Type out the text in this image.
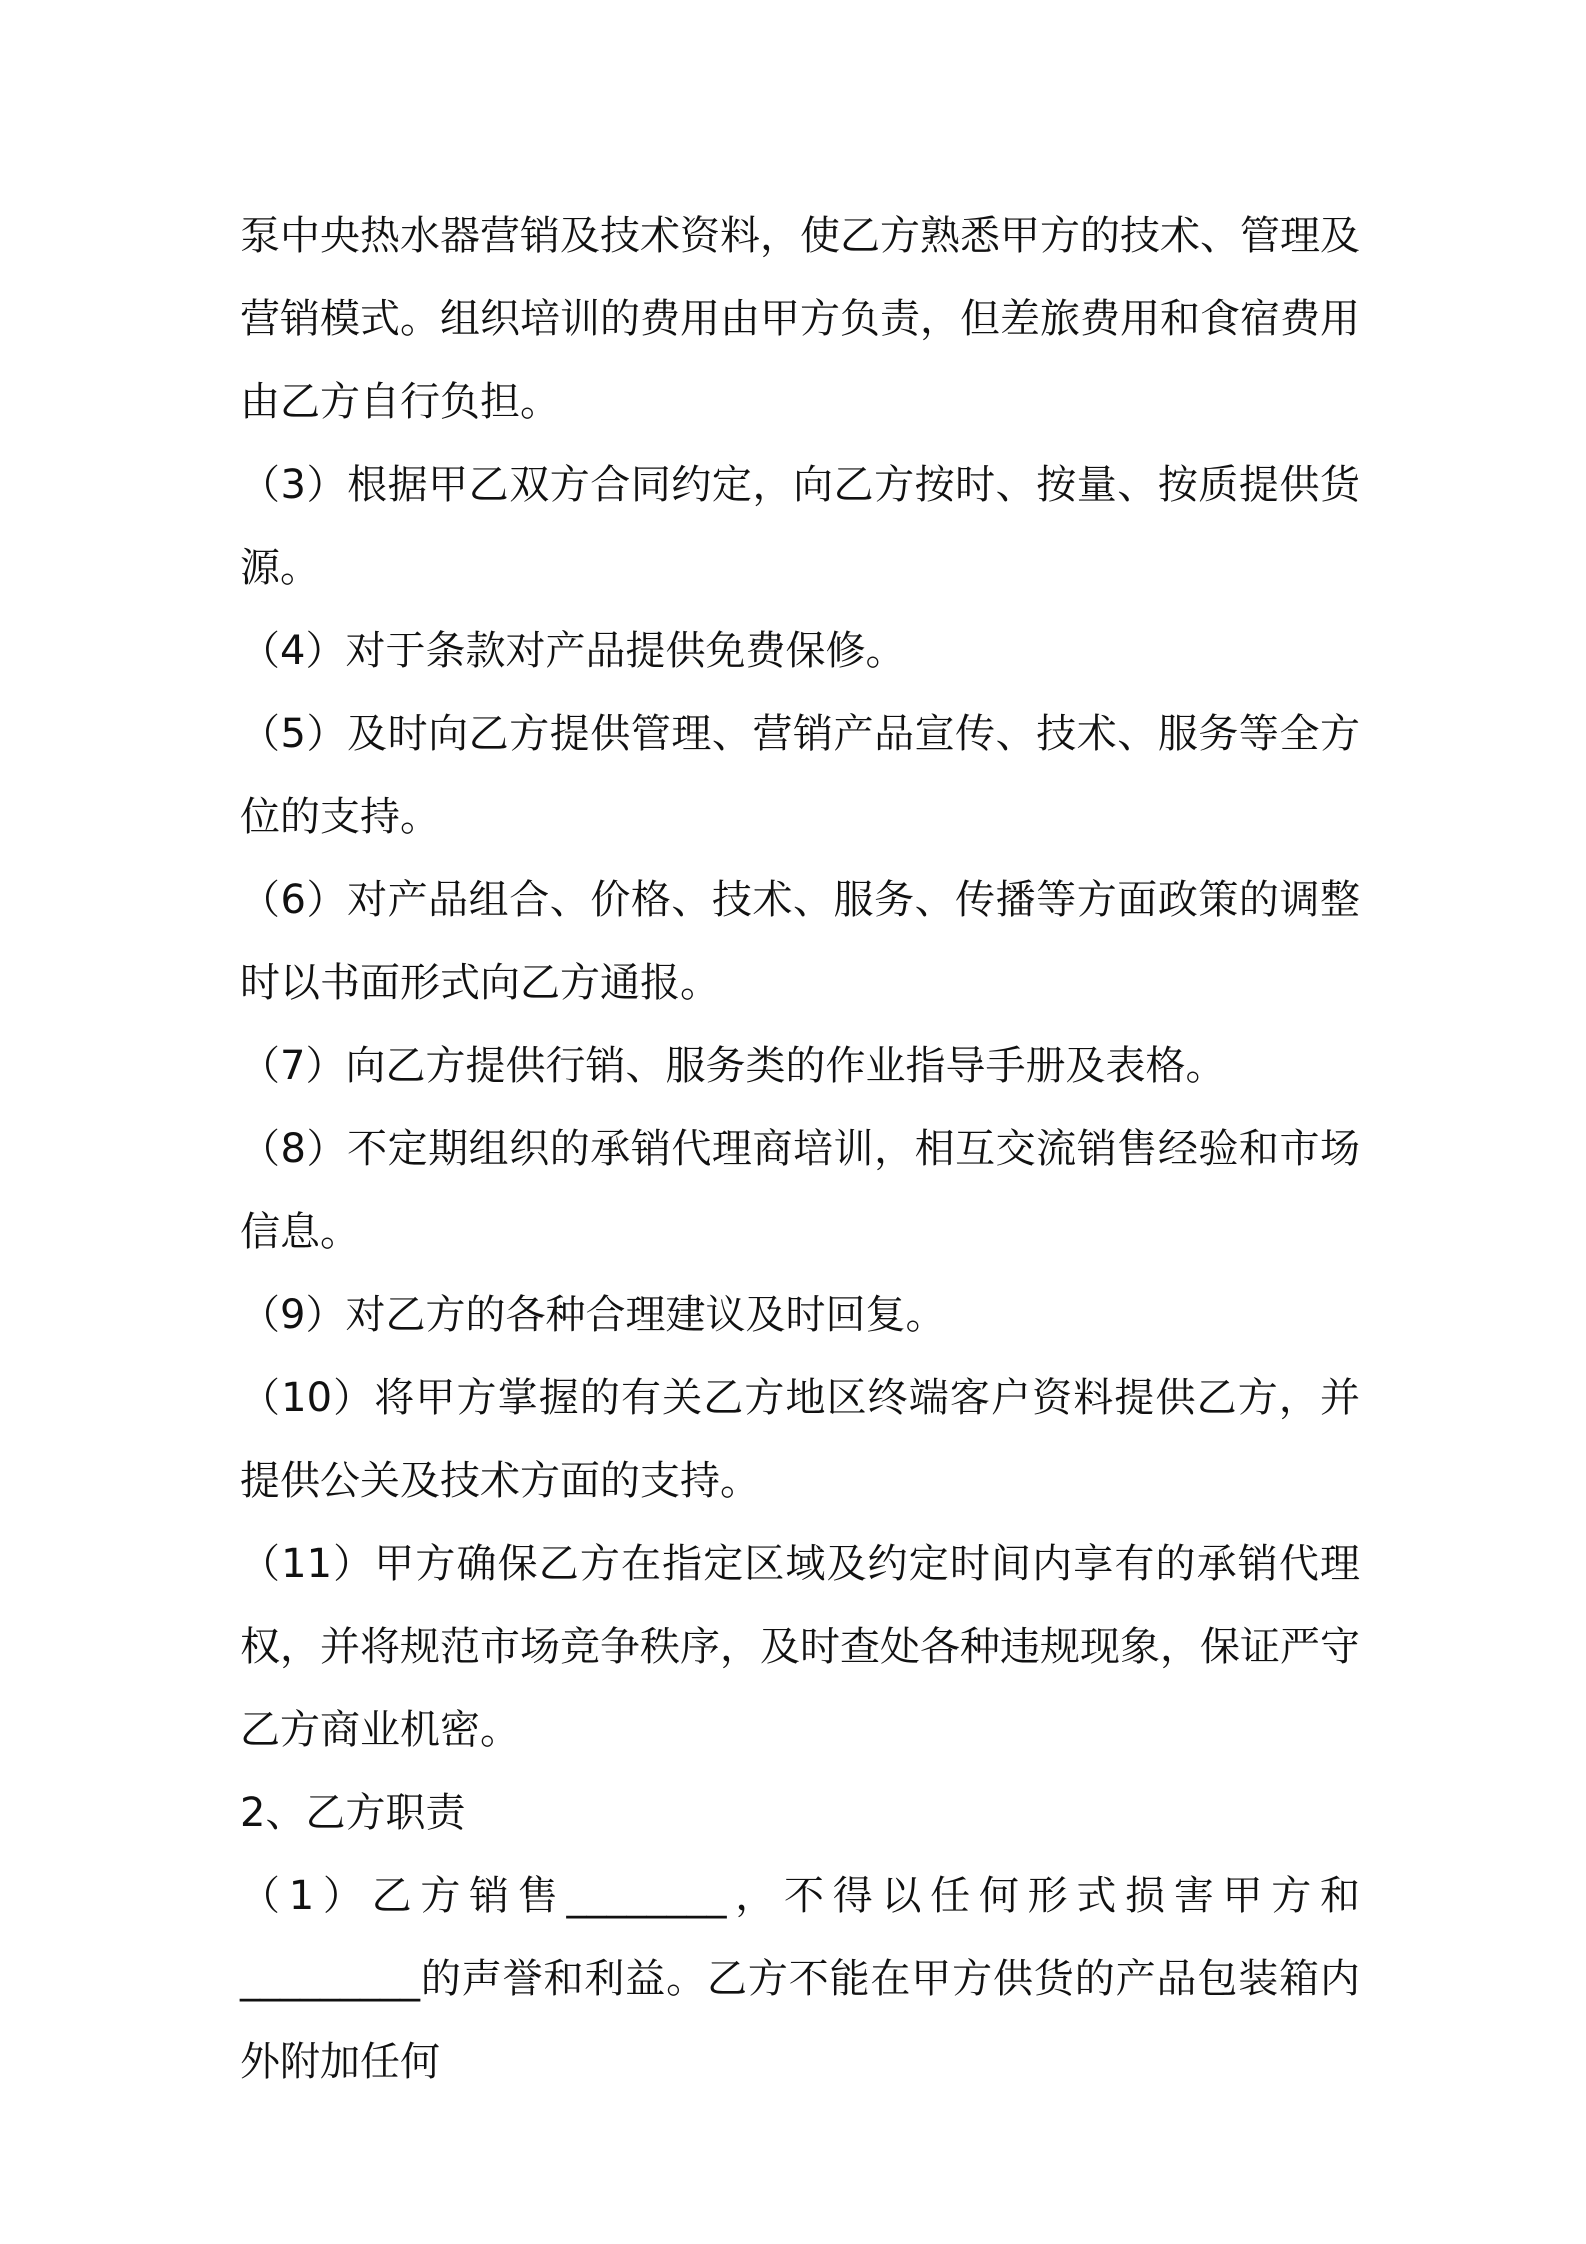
泵中央热水器营销及技术资料，使乙方熟悉甲方的技术、管理及营销模式。组织培训的费用由甲方负责，但差旅费用和食宿费用由乙方自行负担。

（3）根据甲乙双方合同约定，向乙方按时、按量、按质提供货源。

（4）对于条款对产品提供免费保修。

（5）及时向乙方提供管理、营销产品宣传、技术、服务等全方位的支持。

（6）对产品组合、价格、技术、服务、传播等方面政策的调整时以书面形式向乙方通报。

（7）向乙方提供行销、服务类的作业指导手册及表格。

（8）不定期组织的承销代理商培训，相互交流销售经验和市场信息。

（9）对乙方的各种合理建议及时回复。

（10）将甲方掌握的有关乙方地区终端客户资料提供乙方，并提供公关及技术方面的支持。

（11）甲方确保乙方在指定区域及约定时间内享有的承销代理权，并将规范市场竞争秩序，及时查处各种违规现象，保证严守乙方商业机密。

2、乙方职责

（1）乙方销售________，不得以任何形式损害甲方和_________的声誉和利益。乙方不能在甲方供货的产品包装箱内外附加任何
